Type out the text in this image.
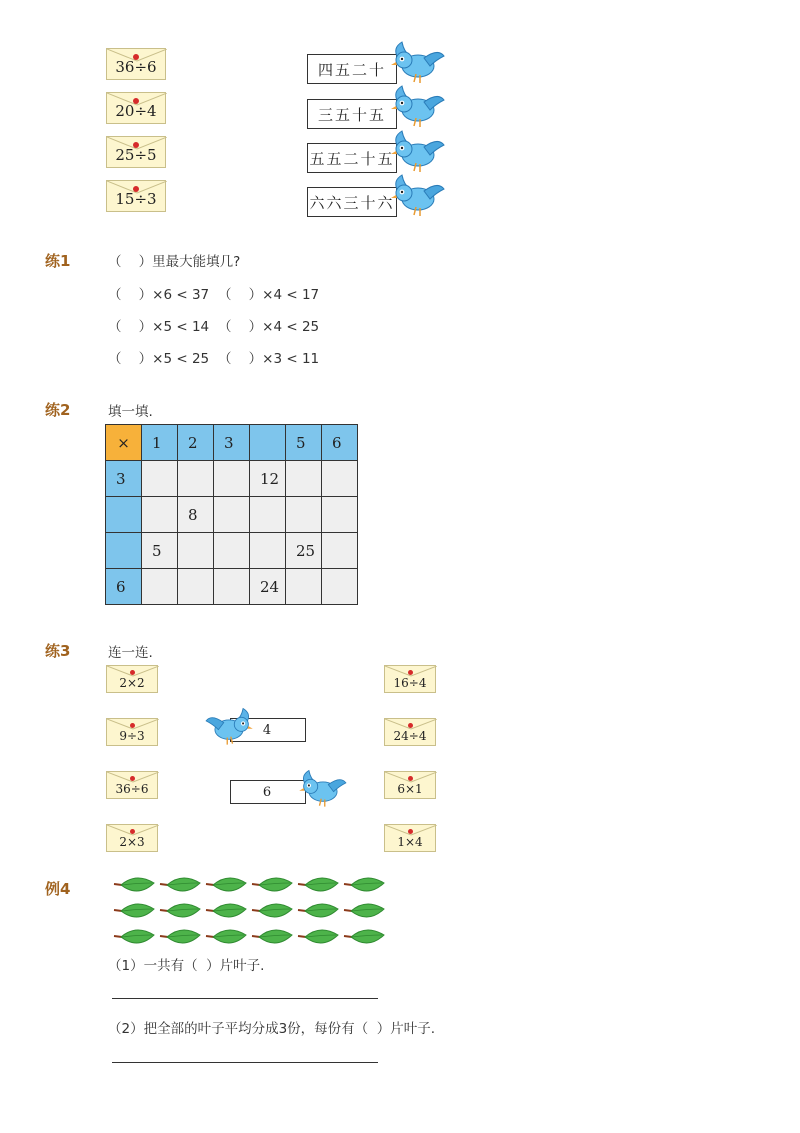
36÷6
20÷4
25÷5
15÷3
四五二十
三五十五
五五二十五
六六三十六
练1	（    ）里最大能填几?
（    ）×6 < 37 （    ）×4 < 17
（    ）×5 < 14 （    ）×4 < 25
（    ）×5 < 25 （    ）×3 < 11
练2	填一填.
×	1	2	3		5	6
3				12		
		8				
	5				25	
6				24		
练3	连一连.
2×2
9÷3
36÷6
2×3
16÷4
24÷4
6×1
1×4
4
6
例4
（1）一共有（  ）片叶子.
（2）把全部的叶子平均分成3份，每份有（  ）片叶子.
